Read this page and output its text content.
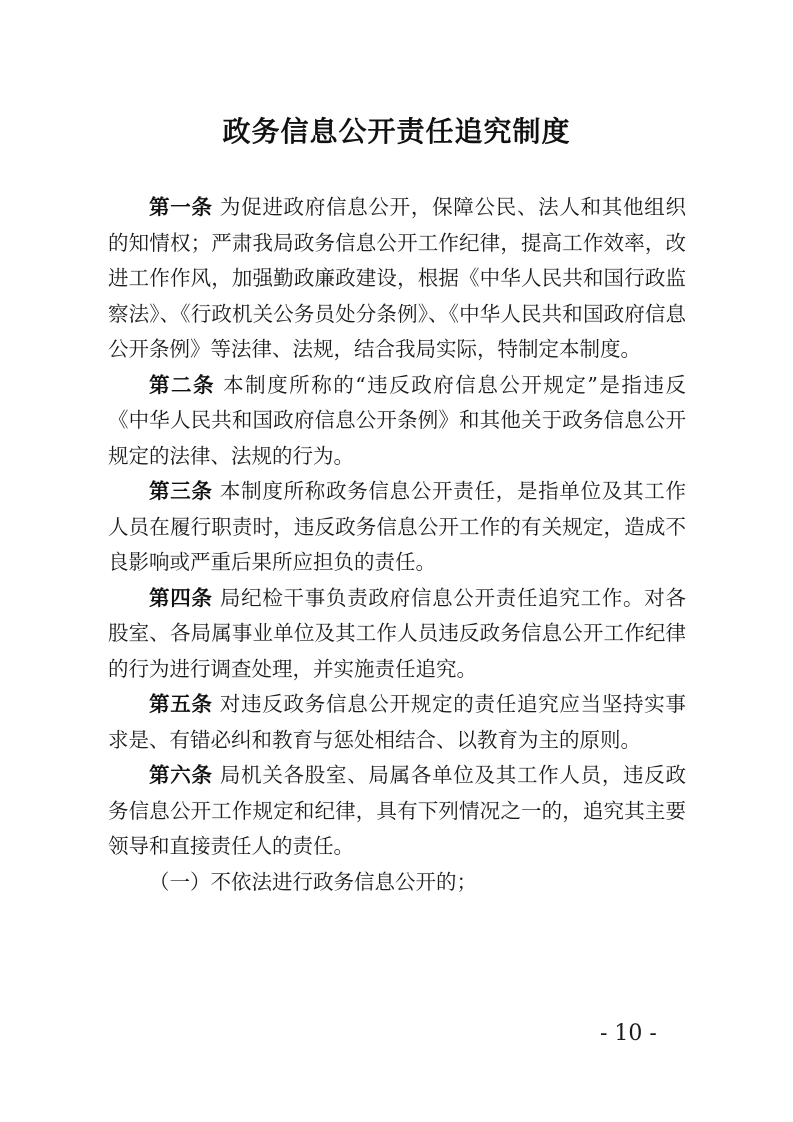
政务信息公开责任追究制度

第一条 为促进政府信息公开，保障公民、法人和其他组织的知情权；严肃我局政务信息公开工作纪律，提高工作效率，改进工作作风，加强勤政廉政建设，根据《中华人民共和国行政监察法》、《行政机关公务员处分条例》、《中华人民共和国政府信息公开条例》等法律、法规，结合我局实际，特制定本制度。

第二条 本制度所称的“违反政府信息公开规定”是指违反《中华人民共和国政府信息公开条例》和其他关于政务信息公开规定的法律、法规的行为。

第三条 本制度所称政务信息公开责任，是指单位及其工作人员在履行职责时，违反政务信息公开工作的有关规定，造成不良影响或严重后果所应担负的责任。

第四条 局纪检干事负责政府信息公开责任追究工作。对各股室、各局属事业单位及其工作人员违反政务信息公开工作纪律的行为进行调查处理，并实施责任追究。

第五条 对违反政务信息公开规定的责任追究应当坚持实事求是、有错必纠和教育与惩处相结合、以教育为主的原则。

第六条 局机关各股室、局属各单位及其工作人员，违反政务信息公开工作规定和纪律，具有下列情况之一的，追究其主要领导和直接责任人的责任。

（一）不依法进行政务信息公开的；

- 10 -
